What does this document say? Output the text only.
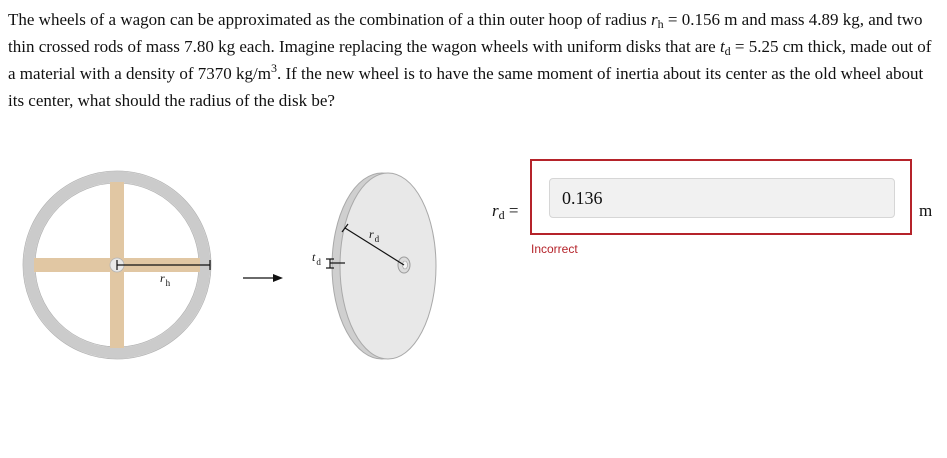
The wheels of a wagon can be approximated as the combination of a thin outer hoop of radius $r_h = 0.156$ m and mass 4.89 kg, and two thin crossed rods of mass 7.80 kg each. Imagine replacing the wagon wheels with uniform disks that are $t_d = 5.25$ cm thick, made out of a material with a density of 7370 $kg/m^3$. If the new wheel is to have the same moment of inertia about its center as the old wheel about its center, what should the radius of the disk be?
$r_h$
$r_d$
$t_d$
$r_d$ =
0.136	m
Incorrect
